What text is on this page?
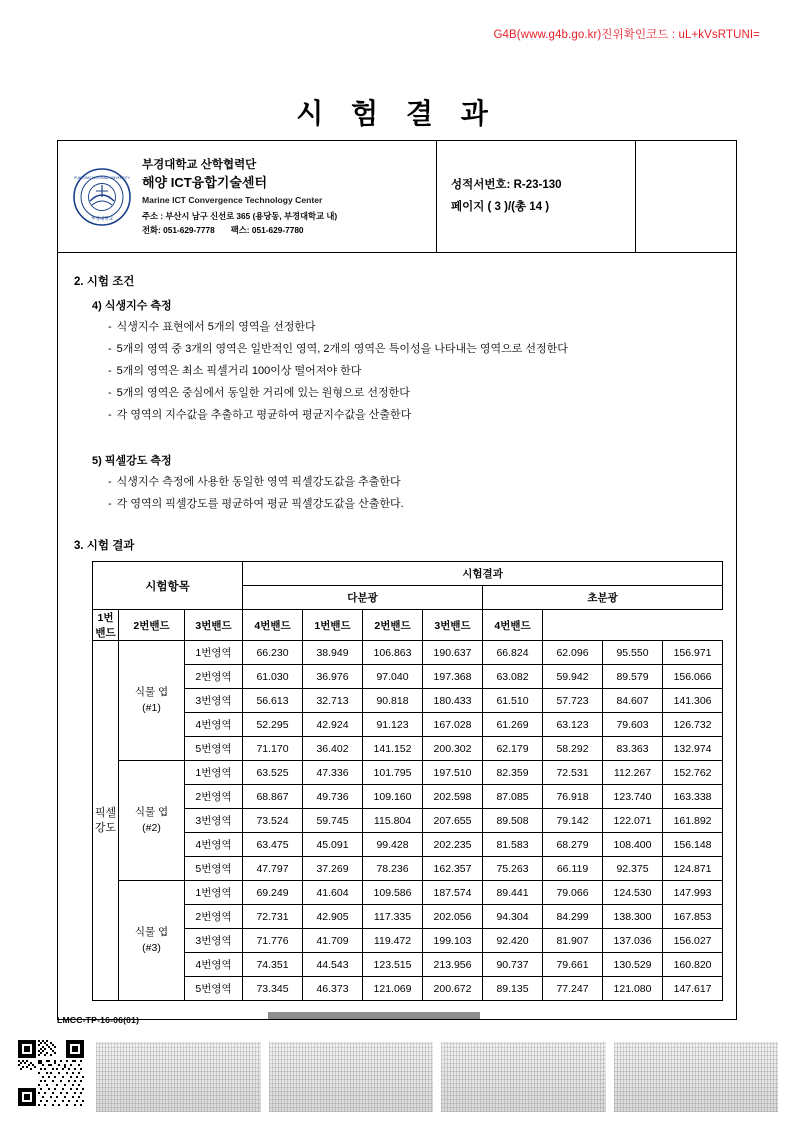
G4B(www.g4b.go.kr)진위확인코드 : uL+kVsRTUNI=
시 험 결 과
PUKYONG NATIONAL UNIVERSITY
부경대학교
부경대학교 산학협력단
해양 ICT융합기술센터
Marine ICT Convergence Technology Center
주소 : 부산시 남구 신선로 365 (용당동, 부경대학교 내)
전화: 051-629-7778 팩스: 051-629-7780
성적서번호: R-23-130
페이지 ( 3 )/(총 14 )
2. 시험 조건
4) 식생지수 측정
- 식생지수 표현에서 5개의 영역을 선정한다
- 5개의 영역 중 3개의 영역은 일반적인 영역, 2개의 영역은 특이성을 나타내는 영역으로 선정한다
- 5개의 영역은 최소 픽셀거리 100이상 떨어져야 한다
- 5개의 영역은 중심에서 동일한 거리에 있는 원형으로 선정한다
- 각 영역의 지수값을 추출하고 평균하여 평균지수값을 산출한다
5) 픽셀강도 측정
- 식생지수 측정에 사용한 동일한 영역 픽셀강도값을 추출한다
- 각 영역의 픽셀강도를 평균하여 평균 픽셀강도값을 산출한다.
3. 시험 결과
시험항목			시험결과							
			다분광				초분광			
1번밴드	2번밴드	3번밴드	4번밴드	1번밴드	2번밴드	3번밴드	4번밴드			
픽셀
강도	식물 엽
(#1)	1번영역	66.230	38.949	106.863	190.637	66.824	62.096	95.550	156.971
		2번영역	61.030	36.976	97.040	197.368	63.082	59.942	89.579	156.066
		3번영역	56.613	32.713	90.818	180.433	61.510	57.723	84.607	141.306
		4번영역	52.295	42.924	91.123	167.028	61.269	63.123	79.603	126.732
		5번영역	71.170	36.402	141.152	200.302	62.179	58.292	83.363	132.974
	식물 엽
(#2)	1번영역	63.525	47.336	101.795	197.510	82.359	72.531	112.267	152.762
		2번영역	68.867	49.736	109.160	202.598	87.085	76.918	123.740	163.338
		3번영역	73.524	59.745	115.804	207.655	89.508	79.142	122.071	161.892
		4번영역	63.475	45.091	99.428	202.235	81.583	68.279	108.400	156.148
		5번영역	47.797	37.269	78.236	162.357	75.263	66.119	92.375	124.871
	식물 엽
(#3)	1번영역	69.249	41.604	109.586	187.574	89.441	79.066	124.530	147.993
		2번영역	72.731	42.905	117.335	202.056	94.304	84.299	138.300	167.853
		3번영역	71.776	41.709	119.472	199.103	92.420	81.907	137.036	156.027
		4번영역	74.351	44.543	123.515	213.956	90.737	79.661	130.529	160.820
		5번영역	73.345	46.373	121.069	200.672	89.135	77.247	121.080	147.617
LMCC-TP-16-06(01)
